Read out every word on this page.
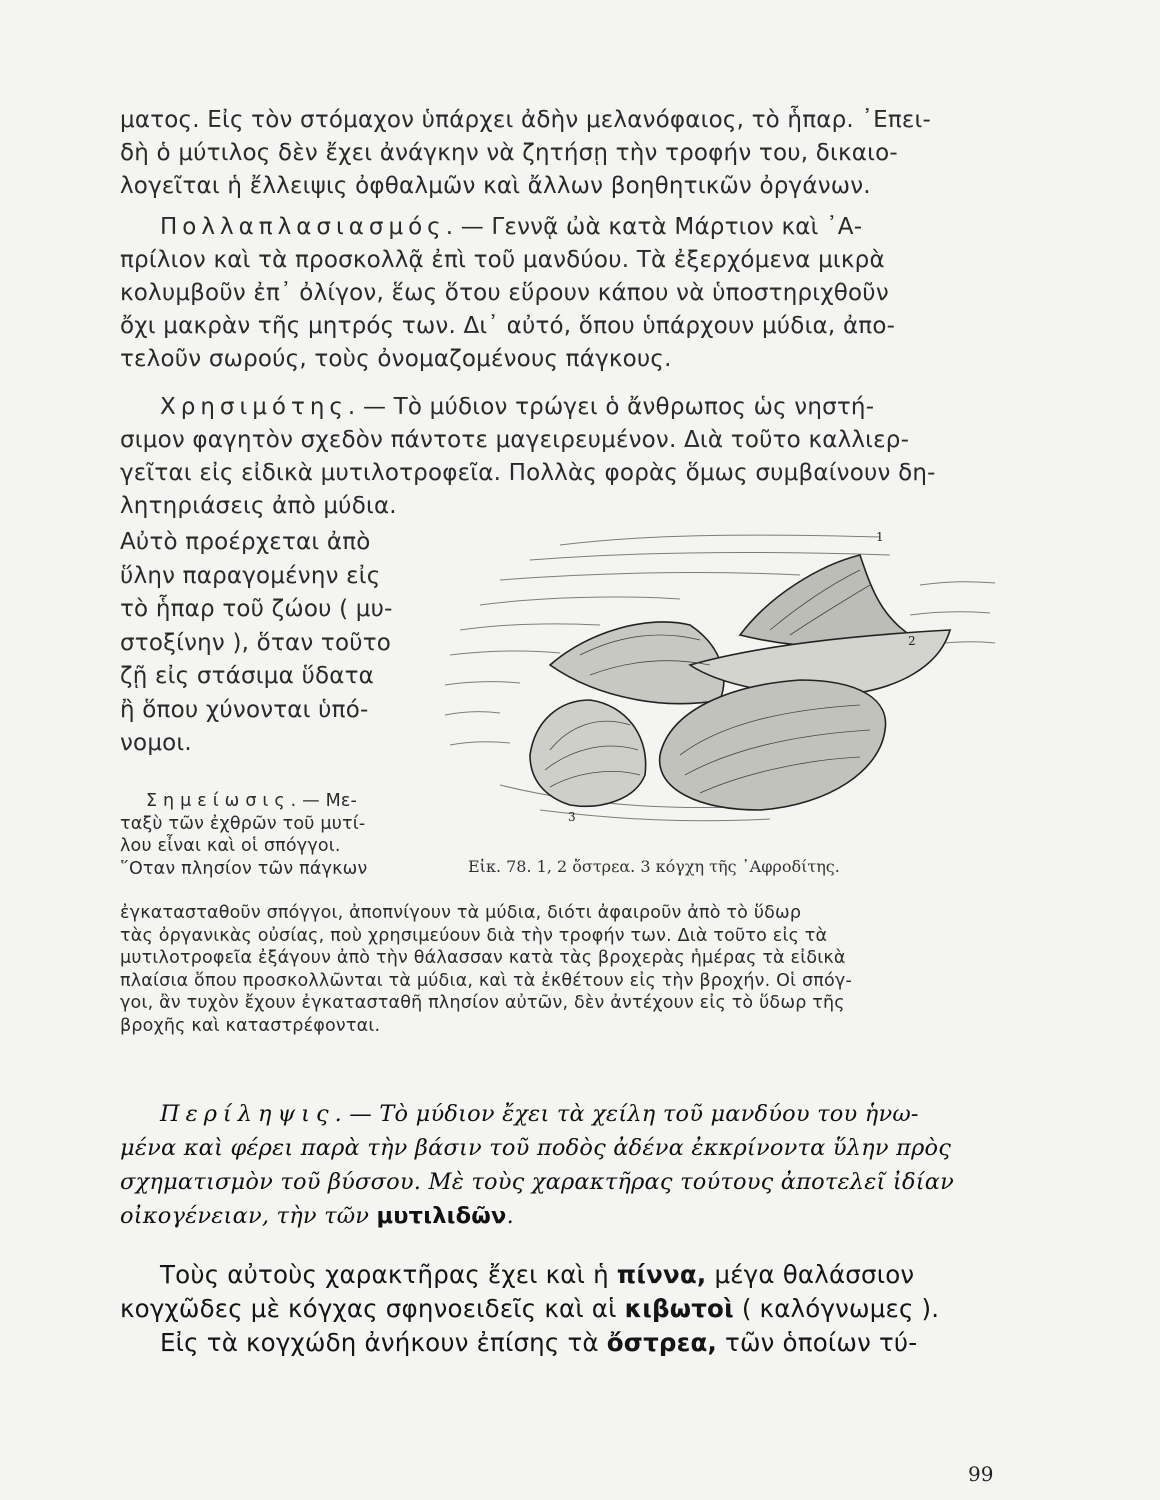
ματος. Εἰς τὸν στόμαχον ὑπάρχει ἀδὴν μελανόφαιος, τὸ ἧπαρ. ᾿Επει-
δὴ ὁ μύτιλος δὲν ἔχει ἀνάγκην νὰ ζητήσῃ τὴν τροφήν του, δικαιο-
λογεῖται ἡ ἔλλειψις ὀφθαλμῶν καὶ ἄλλων βοηθητικῶν ὀργάνων.
Πολλαπλασιασμός. — Γεννᾷ ὠὰ κατὰ Μάρτιον καὶ ᾿Α-
πρίλιον καὶ τὰ προσκολλᾷ ἐπὶ τοῦ μανδύου. Τὰ ἐξερχόμενα μικρὰ
κολυμβοῦν ἐπ᾿ ὀλίγον, ἕως ὅτου εὕρουν κάπου νὰ ὑποστηριχθοῦν
ὄχι μακρὰν τῆς μητρός των. Δι᾿ αὐτό, ὅπου ὑπάρχουν μύδια, ἀπο-
τελοῦν σωρούς, τοὺς ὀνομαζομένους πάγκους.
Χρησιμότης. — Τὸ μύδιον τρώγει ὁ ἄνθρωπος ὡς νηστή-
σιμον φαγητὸν σχεδὸν πάντοτε μαγειρευμένον. Διὰ τοῦτο καλλιερ-
γεῖται εἰς εἰδικὰ μυτιλοτροφεῖα. Πολλὰς φορὰς ὅμως συμβαίνουν δη-
λητηριάσεις ἀπὸ μύδια.
Αὐτὸ προέρχεται ἀπὸ
ὕλην παραγομένην εἰς
τὸ ἧπαρ τοῦ ζώου ( μυ-
στοξίνην ), ὅταν τοῦτο
ζῇ εἰς στάσιμα ὕδατα
ἢ ὅπου χύνονται ὑπό-
νομοι.
1
2
3
Εἰκ. 78. 1, 2 ὄστρεα. 3 κόγχη τῆς ᾿Αφροδίτης.
Σημείωσις. — Με-
ταξὺ τῶν ἐχθρῶν τοῦ μυτί-
λου εἶναι καὶ οἱ σπόγγοι.
῞Οταν πλησίον τῶν πάγκων
ἐγκατασταθοῦν σπόγγοι, ἀποπνίγουν τὰ μύδια, διότι ἀφαιροῦν ἀπὸ τὸ ὕδωρ
τὰς ὀργανικὰς οὐσίας, ποὺ χρησιμεύουν διὰ τὴν τροφήν των. Διὰ τοῦτο εἰς τὰ
μυτιλοτροφεῖα ἐξάγουν ἀπὸ τὴν θάλασσαν κατὰ τὰς βροχερὰς ἡμέρας τὰ εἰδικὰ
πλαίσια ὅπου προσκολλῶνται τὰ μύδια, καὶ τὰ ἐκθέτουν εἰς τὴν βροχήν. Οἱ σπόγ-
γοι, ἂν τυχὸν ἔχουν ἐγκατασταθῆ πλησίον αὐτῶν, δὲν ἀντέχουν εἰς τὸ ὕδωρ τῆς
βροχῆς καὶ καταστρέφονται.
Περίληψις. — Τὸ μύδιον ἔχει τὰ χείλη τοῦ μανδύου του ἡνω-
μένα καὶ φέρει παρὰ τὴν βάσιν τοῦ ποδὸς ἀδένα ἐκκρίνοντα ὕλην πρὸς
σχηματισμὸν τοῦ βύσσου. Μὲ τοὺς χαρακτῆρας τούτους ἀποτελεῖ ἰδίαν
οἰκογένειαν, τὴν τῶν μυτιλιδῶν.
Τοὺς αὐτοὺς χαρακτῆρας ἔχει καὶ ἡ πίννα, μέγα θαλάσσιον
κογχῶδες μὲ κόγχας σφηνοειδεῖς καὶ αἱ κιβωτοὶ ( καλόγνωμες ).
Εἰς τὰ κογχώδη ἀνήκουν ἐπίσης τὰ ὄστρεα, τῶν ὁποίων τύ-
99
